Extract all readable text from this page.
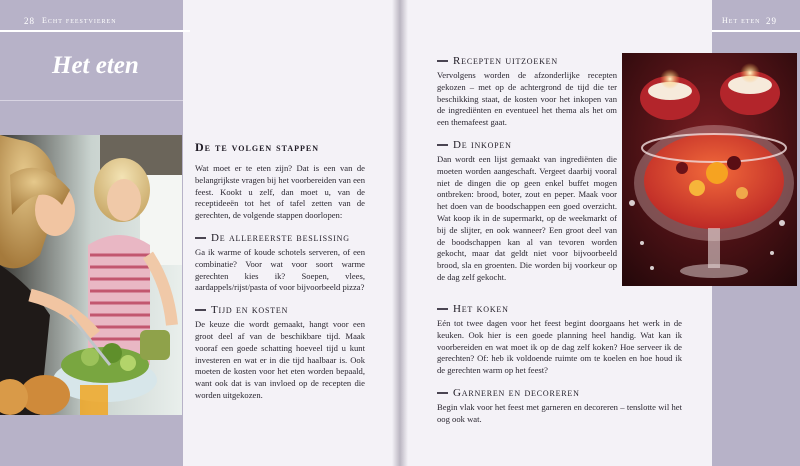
28 Echt feestvieren
Het eten
De te volgen stappen

Wat moet er te eten zijn? Dat is een van de belangrijkste vragen bij het voorbereiden van een feest. Kookt u zelf, dan moet u, van de receptideeën tot het of tafel zetten van de gerechten, de volgende stappen doorlopen:

De allereerste beslissing

Ga ik warme of koude schotels serveren, of een combinatie? Voor wat voor soort warme gerechten kies ik? Soepen, vlees, aardappels/rijst/pasta of voor bijvoorbeeld pizza?

Tijd en kosten

De keuze die wordt gemaakt, hangt voor een groot deel af van de beschikbare tijd. Maak vooraf een goede schatting hoeveel tijd u kunt investeren en wat er in die tijd haalbaar is. Ook moeten de kosten voor het eten worden bepaald, want ook dat is van invloed op de recepten die worden uitgekozen.

Het eten 29
Recepten uitzoeken

Vervolgens worden de afzonderlijke recepten gekozen – met op de achtergrond de tijd die ter beschikking staat, de kosten voor het inkopen van de ingrediënten en eventueel het thema als het om een themafeest gaat.

De inkopen

Dan wordt een lijst gemaakt van ingrediënten die moeten worden aangeschaft. Vergeet daarbij vooral niet de dingen die op geen enkel buffet mogen ontbreken: brood, boter, zout en peper. Maak voor het doen van de boodschappen een goed overzicht. Wat koop ik in de supermarkt, op de weekmarkt of bij de slijter, en ook wanneer? Een groot deel van de boodschappen kan al van tevoren worden gekocht, maar dat geldt niet voor bijvoorbeeld brood, sla en groenten. Die worden bij voorkeur op de dag zelf gekocht.

Het koken

Eén tot twee dagen voor het feest begint doorgaans het werk in de keuken. Ook hier is een goede planning heel handig. Wat kan ik voorbereiden en wat moet ik op de dag zelf koken? Hoe serveer ik de gerechten? Of: heb ik voldoende ruimte om te koelen en hoe houd ik de gerechten warm op het feest?

Garneren en decoreren

Begin vlak voor het feest met garneren en decoreren – tenslotte wil het oog ook wat.
